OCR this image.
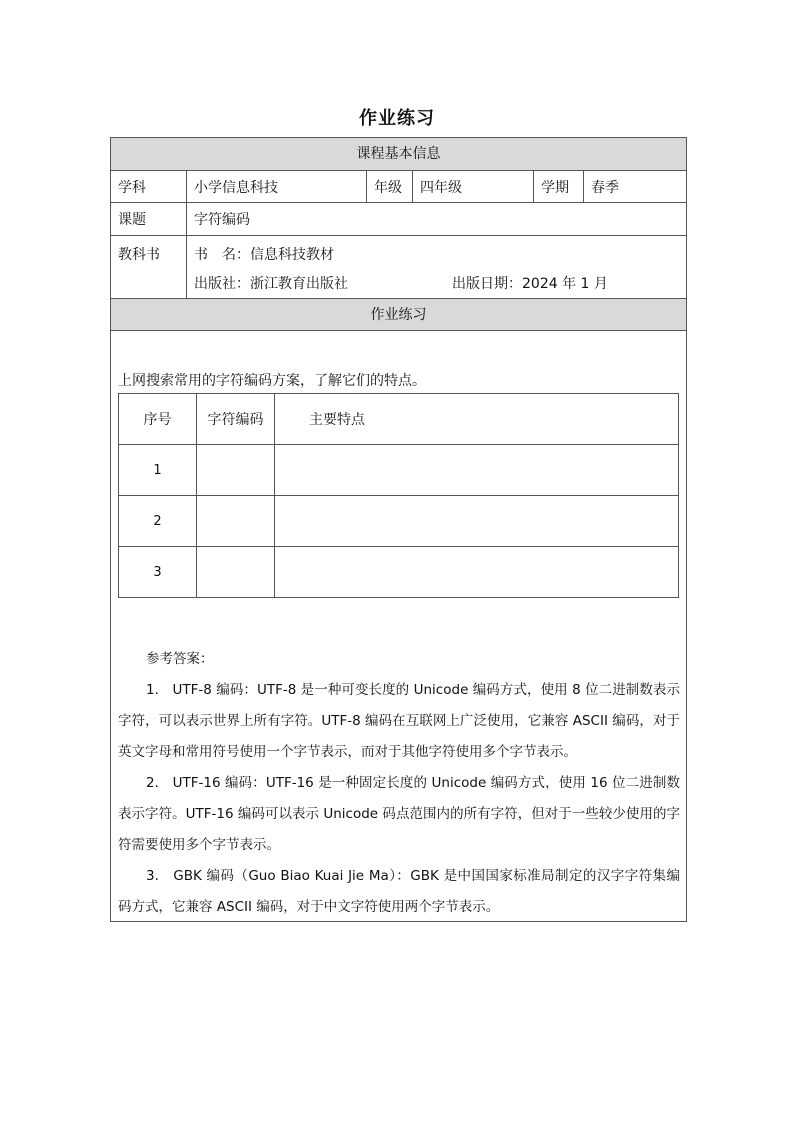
作业练习
课程基本信息
学科	小学信息科技	年级	四年级	学期	春季
课题	字符编码
教科书	书　名：信息科技教材
出版社：浙江教育出版社	出版日期：2024 年 1 月
作业练习
上网搜索常用的字符编码方案，了解它们的特点。
序号	字符编码	主要特点
1		
2		
3		

参考答案：

1.　UTF-8 编码：UTF-8 是一种可变长度的 Unicode 编码方式，使用 8 位二进制数表示字符，可以表示世界上所有字符。UTF-8 编码在互联网上广泛使用，它兼容 ASCII 编码，对于英文字母和常用符号使用一个字节表示，而对于其他字符使用多个字节表示。

2.　UTF-16 编码：UTF-16 是一种固定长度的 Unicode 编码方式，使用 16 位二进制数表示字符。UTF-16 编码可以表示 Unicode 码点范围内的所有字符，但对于一些较少使用的字符需要使用多个字节表示。

3.　GBK 编码（Guo Biao Kuai Jie Ma）：GBK 是中国国家标准局制定的汉字字符集编码方式，它兼容 ASCII 编码，对于中文字符使用两个字节表示。
